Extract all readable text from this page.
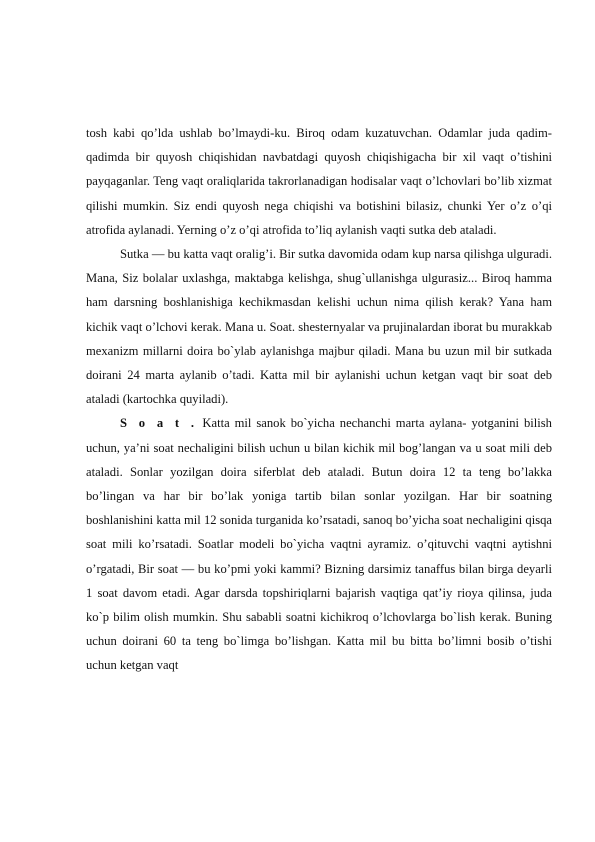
tosh kabi qo’lda ushlab bo’lmaydi-ku. Biroq odam kuzatuvchan. Odamlar juda qadim-qadimda bir quyosh chiqishidan navbatdagi quyosh chiqishigacha bir xil vaqt o’tishini payqaganlar. Teng vaqt oraliqlarida takrorlanadigan hodisalar vaqt o’lchovlari bo’lib xizmat qilishi mumkin. Siz endi quyosh nega chiqishi va botishini bilasiz, chunki Yer o’z o’qi atrofida aylanadi. Yerning o’z o’qi atrofida to’liq aylanish vaqti sutka deb ataladi.

Sutka — bu katta vaqt oralig’i. Bir sutka davomida odam kup narsa qilishga ulguradi. Mana, Siz bolalar uxlashga, maktabga kelishga, shug`ullanishga ulgurasiz... Biroq hamma ham darsning boshlanishiga kechikmasdan kelishi uchun nima qilish kerak? Yana ham kichik vaqt o’lchovi kerak. Mana u. Soat. shesternyalar va prujinalardan iborat bu murakkab mexanizm millarni doira bo`ylab aylanishga majbur qiladi. Mana bu uzun mil bir sutkada doirani 24 marta aylanib o’tadi. Katta mil bir aylanishi uchun ketgan vaqt bir soat deb ataladi (kartochka quyiladi).

S o a t . Katta mil sanok bo`yicha nechanchi marta aylana- yotganini bilish uchun, ya’ni soat nechaligini bilish uchun u bilan kichik mil bog’langan va u soat mili deb ataladi. Sonlar yozilgan doira siferblat deb ataladi. Butun doira 12 ta teng bo’lakka bo’lingan va har bir bo’lak yoniga tartib bilan sonlar yozilgan. Har bir soatning boshlanishini katta mil 12 sonida turganida ko’rsatadi, sanoq bo’yicha soat nechaligini qisqa soat mili ko’rsatadi. Soatlar modeli bo`yicha vaqtni ayramiz. o’qituvchi vaqtni aytishni o’rgatadi, Bir soat — bu ko’pmi yoki kammi? Bizning darsimiz tanaffus bilan birga deyarli 1 soat davom etadi. Agar darsda topshiriqlarni bajarish vaqtiga qat’iy rioya qilinsa, juda ko`p bilim olish mumkin. Shu sababli soatni kichikroq o’lchovlarga bo`lish kerak. Buning uchun doirani 60 ta teng bo`limga bo’lishgan. Katta mil bu bitta bo’limni bosib o’tishi uchun ketgan vaqt
